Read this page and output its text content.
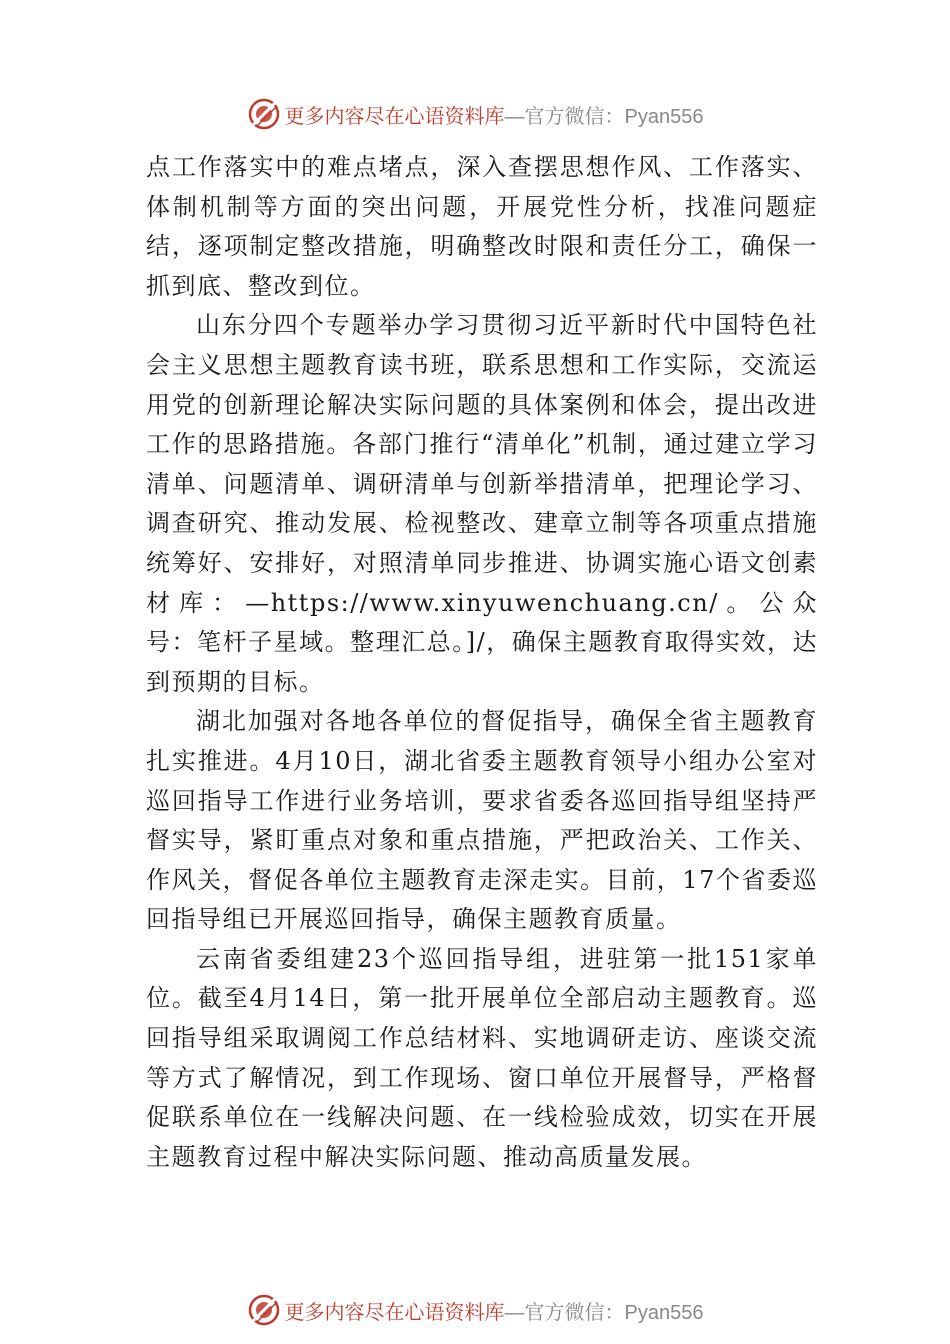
更多内容尽在心语资料库 —官方微信：Pyan556

点工作落实中的难点堵点，深入查摆思想作风、工作落实、 体制机制等方面的突出问题，开展党性分析，找准问题症结，逐项制定整改措施，明确整改时限和责任分工，确保一抓到底、整改到位。

山东分四个专题举办学习贯彻习近平新时代中国特色社会主义思想主题教育读书班，联系思想和工作实际，交流运用党的创新理论解决实际问题的具体案例和体会，提出改进工作的思路措施。各部门推行“清单化”机制，通过建立学习清单、问题清单、调研清单与创新举措清单，把理论学习、调查研究、推动发展、检视整改、建章立制等各项重点措施统筹好、安排好，对照清单同步推进、协调实施心语文创素材库：—https://www.xinyuwenchuang.cn/。公众号：笔杆子星域。整理汇总。]/，确保主题教育取得实效，达到预期的目标。

湖北加强对各地各单位的督促指导，确保全省主题教育扎实推进。4月10日，湖北省委主题教育领导小组办公室对巡回指导工作进行业务培训，要求省委各巡回指导组坚持严督实导，紧盯重点对象和重点措施，严把政治关、工作关、 作风关，督促各单位主题教育走深走实。目前，17个省委巡回指导组已开展巡回指导，确保主题教育质量。

云南省委组建23个巡回指导组，进驻第一批151家单位。截至4月14日，第一批开展单位全部启动主题教育。巡回指导组采取调阅工作总结材料、实地调研走访、座谈交流等方式了解情况，到工作现场、窗口单位开展督导，严格督促联系单位在一线解决问题、在一线检验成效，切实在开展主题教育过程中解决实际问题、推动高质量发展。

更多内容尽在心语资料库 —官方微信：Pyan556
